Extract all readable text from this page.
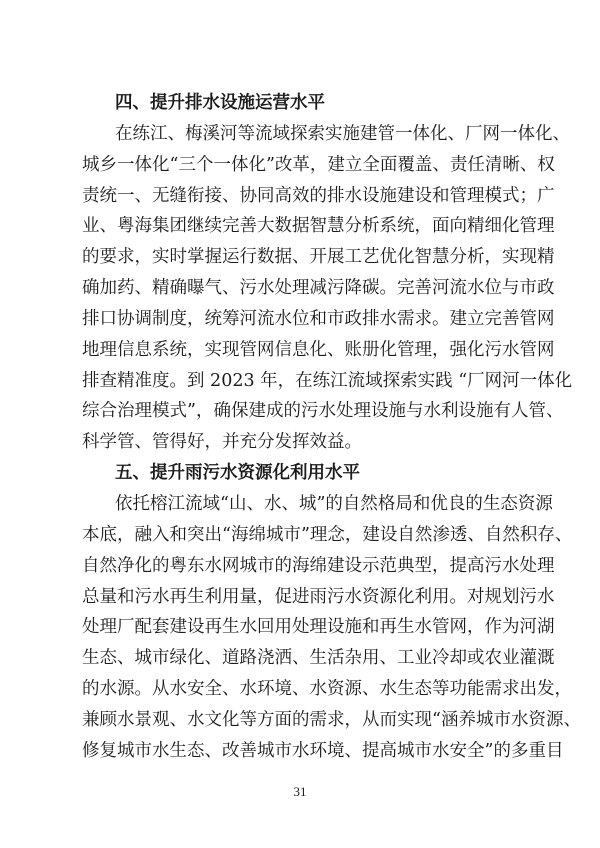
四、提升排水设施运营水平
在练江、梅溪河等流域探索实施建管一体化、厂网一体化、
城乡一体化“三个一体化”改革，建立全面覆盖、责任清晰、权
责统一、无缝衔接、协同高效的排水设施建设和管理模式；广
业、粤海集团继续完善大数据智慧分析系统，面向精细化管理
的要求，实时掌握运行数据、开展工艺优化智慧分析，实现精
确加药、精确曝气、污水处理减污降碳。完善河流水位与市政
排口协调制度，统筹河流水位和市政排水需求。建立完善管网
地理信息系统，实现管网信息化、账册化管理，强化污水管网
排查精准度。到 2023 年，在练江流域探索实践 “厂网河一体化
综合治理模式”，确保建成的污水处理设施与水利设施有人管、
科学管、管得好，并充分发挥效益。
五、提升雨污水资源化利用水平
依托榕江流域“山、水、城”的自然格局和优良的生态资源
本底，融入和突出“海绵城市”理念，建设自然渗透、自然积存、
自然净化的粤东水网城市的海绵建设示范典型，提高污水处理
总量和污水再生利用量，促进雨污水资源化利用。对规划污水
处理厂配套建设再生水回用处理设施和再生水管网，作为河湖
生态、城市绿化、道路浇洒、生活杂用、工业冷却或农业灌溉
的水源。从水安全、水环境、水资源、水生态等功能需求出发，
兼顾水景观、水文化等方面的需求，从而实现“涵养城市水资源、
修复城市水生态、改善城市水环境、提高城市水安全”的多重目
31
